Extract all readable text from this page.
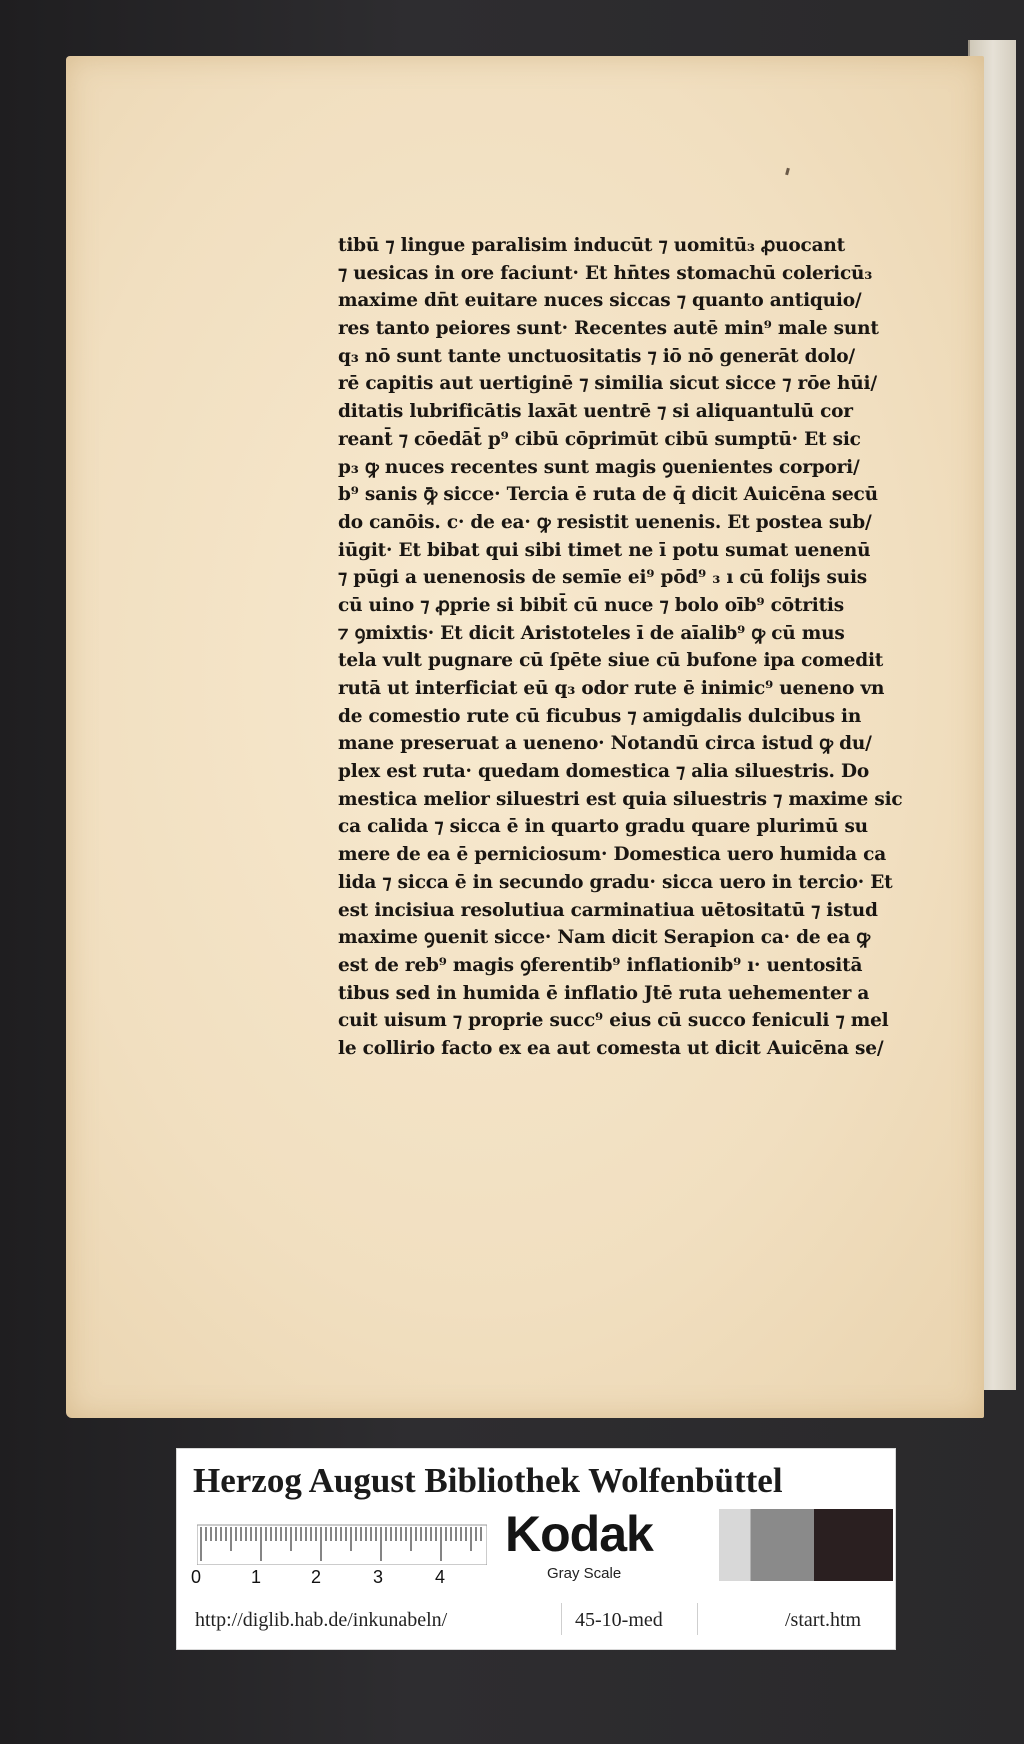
tibū ⁊ lingue paralisim inducūt ⁊ uomitū₃ ꝓuocant
⁊ uesicas in ore faciunt· Et hn̄tes stomachū colericū₃
maxime dn̄t euitare nuces siccas ⁊ quanto antiquio/
res tanto peiores sunt· Recentes autē min⁹ male sunt
q₃ nō sunt tante unctuositatis ⁊ iō nō generāt dolo/
rē capitis aut uertiginē ⁊ similia sicut sicce ⁊ rōe hūi/
ditatis lubrificātis laxāt uentrē ⁊ si aliquantulū cor
reant̄ ⁊ cōedāt̄ p⁹ cibū cōprimūt cibū sumptū· Et sic
p₃ ꝙ nuces recentes sunt magis ꝯuenientes corpori/
b⁹ sanis ꝙ̄ sicce· Tercia ē ruta de q̄ dicit Auicēna secū
do canōis. c· de ea· ꝙ resistit uenenis. Et postea sub/
iūgit· Et bibat qui sibi timet ne ī potu sumat uenenū
⁊ pūgi a uenenosis de semīe ei⁹ pōd⁹ ₃ ı cū folijs suis
cū uino ⁊ ꝓprie si bibit̄ cū nuce ⁊ bolo oīb⁹ cōtritis
⁊ ꝯmixtis· Et dicit Aristoteles ī de aīalib⁹ ꝙ cū mus
tela vult pugnare cū ſpēte siue cū bufone ipa comedit
rutā ut interficiat eū q₃ odor rute ē inimic⁹ ueneno vn
de comestio rute cū ficubus ⁊ amigdalis dulcibus in
mane preseruat a ueneno· Notandū circa istud ꝙ du/
plex est ruta· quedam domestica ⁊ alia siluestris. Do
mestica melior siluestri est quia siluestris ⁊ maxime sic
ca calida ⁊ sicca ē in quarto gradu quare plurimū su
mere de ea ē perniciosum· Domestica uero humida ca
lida ⁊ sicca ē in secundo gradu· sicca uero in tercio· Et
est incisiua resolutiua carminatiua uētositatū ⁊ istud
maxime ꝯuenit sicce· Nam dicit Serapion ca· de ea ꝙ
est de reb⁹ magis ꝯferentib⁹ inflationib⁹ ı· uentositā
tibus sed in humida ē inflatio Jtē ruta uehementer a
cuit uisum ⁊ proprie succ⁹ eius cū succo feniculi ⁊ mel
le collirio facto ex ea aut comesta ut dicit Auicēna se/
Herzog August Bibliothek Wolfenbüttel
0	1	2	3	4
Kodak
Gray Scale
http://diglib.hab.de/inkunabeln/	45-10-med	/start.htm
